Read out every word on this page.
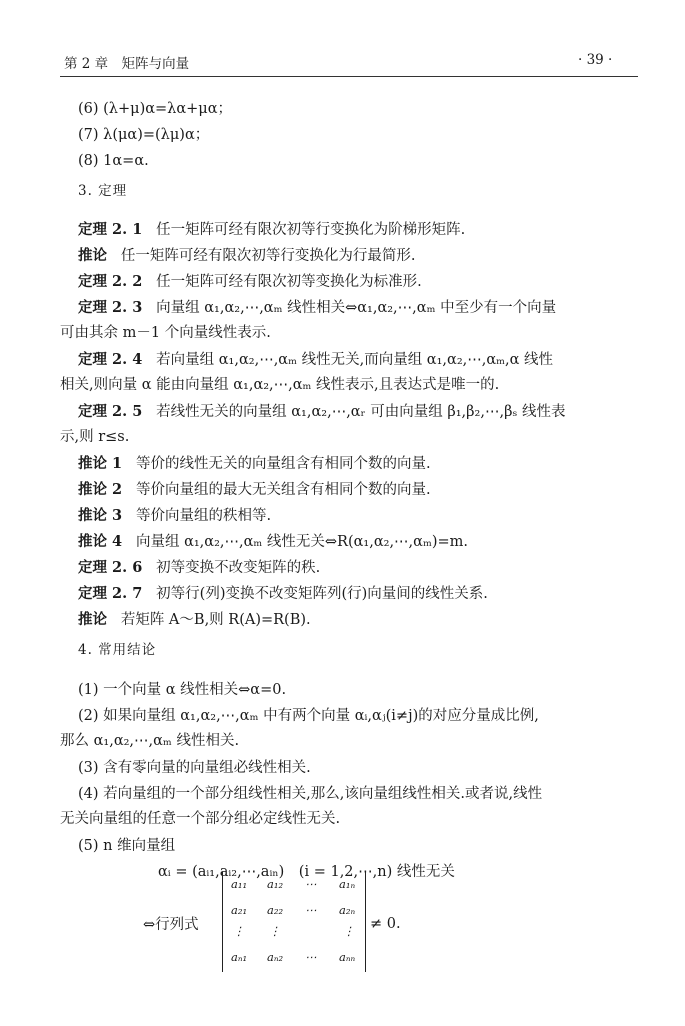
第 2 章　矩阵与向量	· 39 ·
(6) (λ+μ)α=λα+μα；
(7) λ(μα)=(λμ)α；
(8) 1α=α.
3. 定理
定理 2. 1 任一矩阵可经有限次初等行变换化为阶梯形矩阵.
推论 任一矩阵可经有限次初等行变换化为行最简形.
定理 2. 2 任一矩阵可经有限次初等变换化为标准形.
定理 2. 3 向量组 α₁,α₂,⋯,αₘ 线性相关⇔α₁,α₂,⋯,αₘ 中至少有一个向量
可由其余 m－1 个向量线性表示.
定理 2. 4 若向量组 α₁,α₂,⋯,αₘ 线性无关,而向量组 α₁,α₂,⋯,αₘ,α 线性
相关,则向量 α 能由向量组 α₁,α₂,⋯,αₘ 线性表示,且表达式是唯一的.
定理 2. 5 若线性无关的向量组 α₁,α₂,⋯,αᵣ 可由向量组 β₁,β₂,⋯,βₛ 线性表
示,则 r≤s.
推论 1 等价的线性无关的向量组含有相同个数的向量.
推论 2 等价向量组的最大无关组含有相同个数的向量.
推论 3 等价向量组的秩相等.
推论 4 向量组 α₁,α₂,⋯,αₘ 线性无关⇔R(α₁,α₂,⋯,αₘ)=m.
定理 2. 6 初等变换不改变矩阵的秩.
定理 2. 7 初等行(列)变换不改变矩阵列(行)向量间的线性关系.
推论 若矩阵 A～B,则 R(A)=R(B).
4. 常用结论
(1) 一个向量 α 线性相关⇔α=0.
(2) 如果向量组 α₁,α₂,⋯,αₘ 中有两个向量 αᵢ,αⱼ(i≠j)的对应分量成比例,
那么 α₁,α₂,⋯,αₘ 线性相关.
(3) 含有零向量的向量组必线性相关.
(4) 若向量组的一个部分组线性相关,那么,该向量组线性相关.或者说,线性
无关向量组的任意一个部分组必定线性无关.
(5) n 维向量组
αᵢ = (aᵢ₁,aᵢ₂,⋯,aᵢₙ)　(i = 1,2,⋯,n) 线性无关
⇔行列式
a₁₁ a₁₂ ⋯ a₁ₙ
a₂₁ a₂₂ ⋯ a₂ₙ
⋮ ⋮	⋮
aₙ₁ aₙ₂ ⋯ aₙₙ
≠ 0.
